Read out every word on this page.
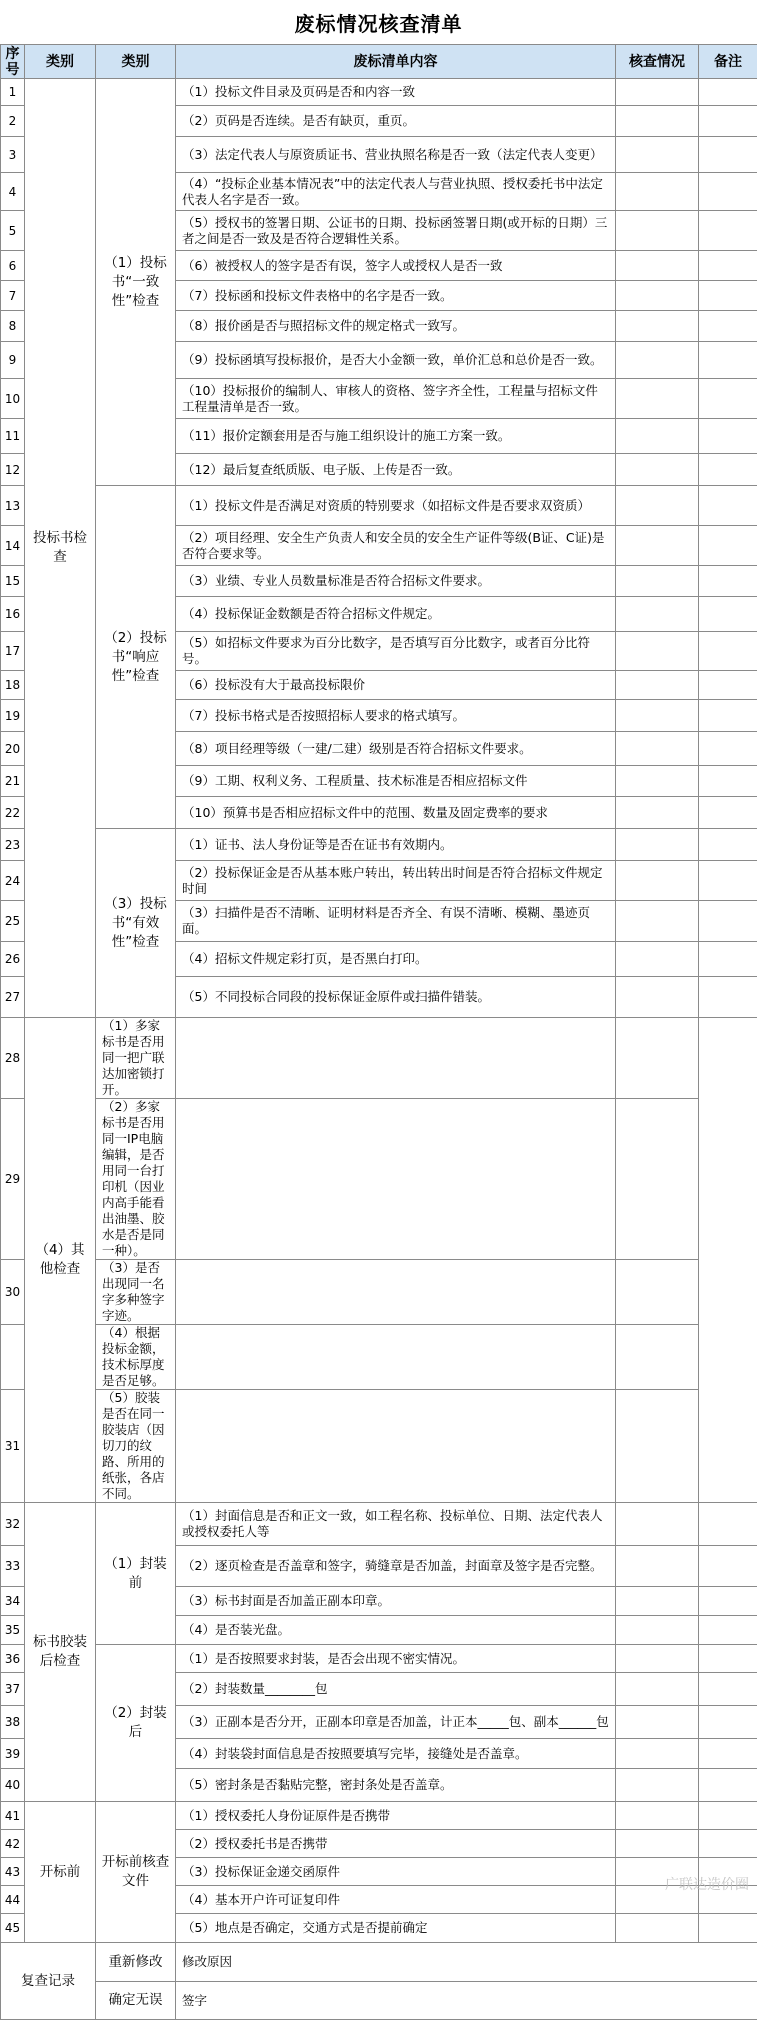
废标情况核查清单
序号	类别	类别	废标清单内容	核查情况	备注
1	投标书检查	（1）投标书“一致性”检查	（1）投标文件目录及页码是否和内容一致		
2			（2）页码是否连续。是否有缺页，重页。		
3			（3）法定代表人与原资质证书、营业执照名称是否一致（法定代表人变更）		
4			（4）“投标企业基本情况表”中的法定代表人与营业执照、授权委托书中法定代表人名字是否一致。		
5			（5）授权书的签署日期、公证书的日期、投标函签署日期(或开标的日期）三者之间是否一致及是否符合逻辑性关系。		
6			（6）被授权人的签字是否有误，签字人或授权人是否一致		
7			（7）投标函和投标文件表格中的名字是否一致。		
8			（8）报价函是否与照招标文件的规定格式一致写。		
9			（9）投标函填写投标报价，是否大小金额一致，单价汇总和总价是否一致。		
10			（10）投标报价的编制人、审核人的资格、签字齐全性，工程量与招标文件工程量清单是否一致。		
11			（11）报价定额套用是否与施工组织设计的施工方案一致。		
12			（12）最后复查纸质版、电子版、上传是否一致。		
13		（2）投标书“响应性”检查	（1）投标文件是否满足对资质的特别要求（如招标文件是否要求双资质）		
14			（2）项目经理、安全生产负责人和安全员的安全生产证件等级(B证、C证)是否符合要求等。		
15			（3）业绩、专业人员数量标准是否符合招标文件要求。		
16			（4）投标保证金数额是否符合招标文件规定。		
17			（5）如招标文件要求为百分比数字，是否填写百分比数字，或者百分比符号。		
18			（6）投标没有大于最高投标限价		
19			（7）投标书格式是否按照招标人要求的格式填写。		
20			（8）项目经理等级（一建/二建）级别是否符合招标文件要求。		
21			（9）工期、权利义务、工程质量、技术标准是否相应招标文件		
22			（10）预算书是否相应招标文件中的范围、数量及固定费率的要求		
23		（3）投标书“有效性”检查	（1）证书、法人身份证等是否在证书有效期内。		
24			（2）投标保证金是否从基本账户转出，转出转出时间是否符合招标文件规定时间		
25			（3）扫描件是否不清晰、证明材料是否齐全、有误不清晰、模糊、墨迹页面。		
26			（4）招标文件规定彩打页，是否黑白打印。		
27			（5）不同投标合同段的投标保证金原件或扫描件错装。		
28	（4）其他检查	（1）多家标书是否用同一把广联达加密锁打开。			
29		（2）多家标书是否用同一IP电脑编辑，是否用同一台打印机（因业内高手能看出油墨、胶水是否是同一种）。			
30		（3）是否出现同一名字多种签字字迹。			
		（4）根据投标金额，技术标厚度是否足够。			
31		（5）胶装是否在同一胶装店（因切刀的纹路、所用的纸张，各店不同。			
32	标书胶装后检查	（1）封装前	（1）封面信息是否和正文一致，如工程名称、投标单位、日期、法定代表人或授权委托人等		
33			（2）逐页检查是否盖章和签字，骑缝章是否加盖，封面章及签字是否完整。		
34			（3）标书封面是否加盖正副本印章。		
35			（4）是否装光盘。		
36		（2）封装后	（1）是否按照要求封装，是否会出现不密实情况。		
37			（2）封装数量________包		
38			（3）正副本是否分开，正副本印章是否加盖，计正本_____包、副本______包		
39			（4）封装袋封面信息是否按照要填写完毕，接缝处是否盖章。		
40			（5）密封条是否黏贴完整，密封条处是否盖章。		
41	开标前	开标前核查文件	（1）授权委托人身份证原件是否携带		
42			（2）授权委托书是否携带		
43			（3）投标保证金递交函原件		
44			（4）基本开户许可证复印件		
45			（5）地点是否确定，交通方式是否提前确定		
复查记录		重新修改	修改原因		
		确定无误	签字		
广联达造价圈
